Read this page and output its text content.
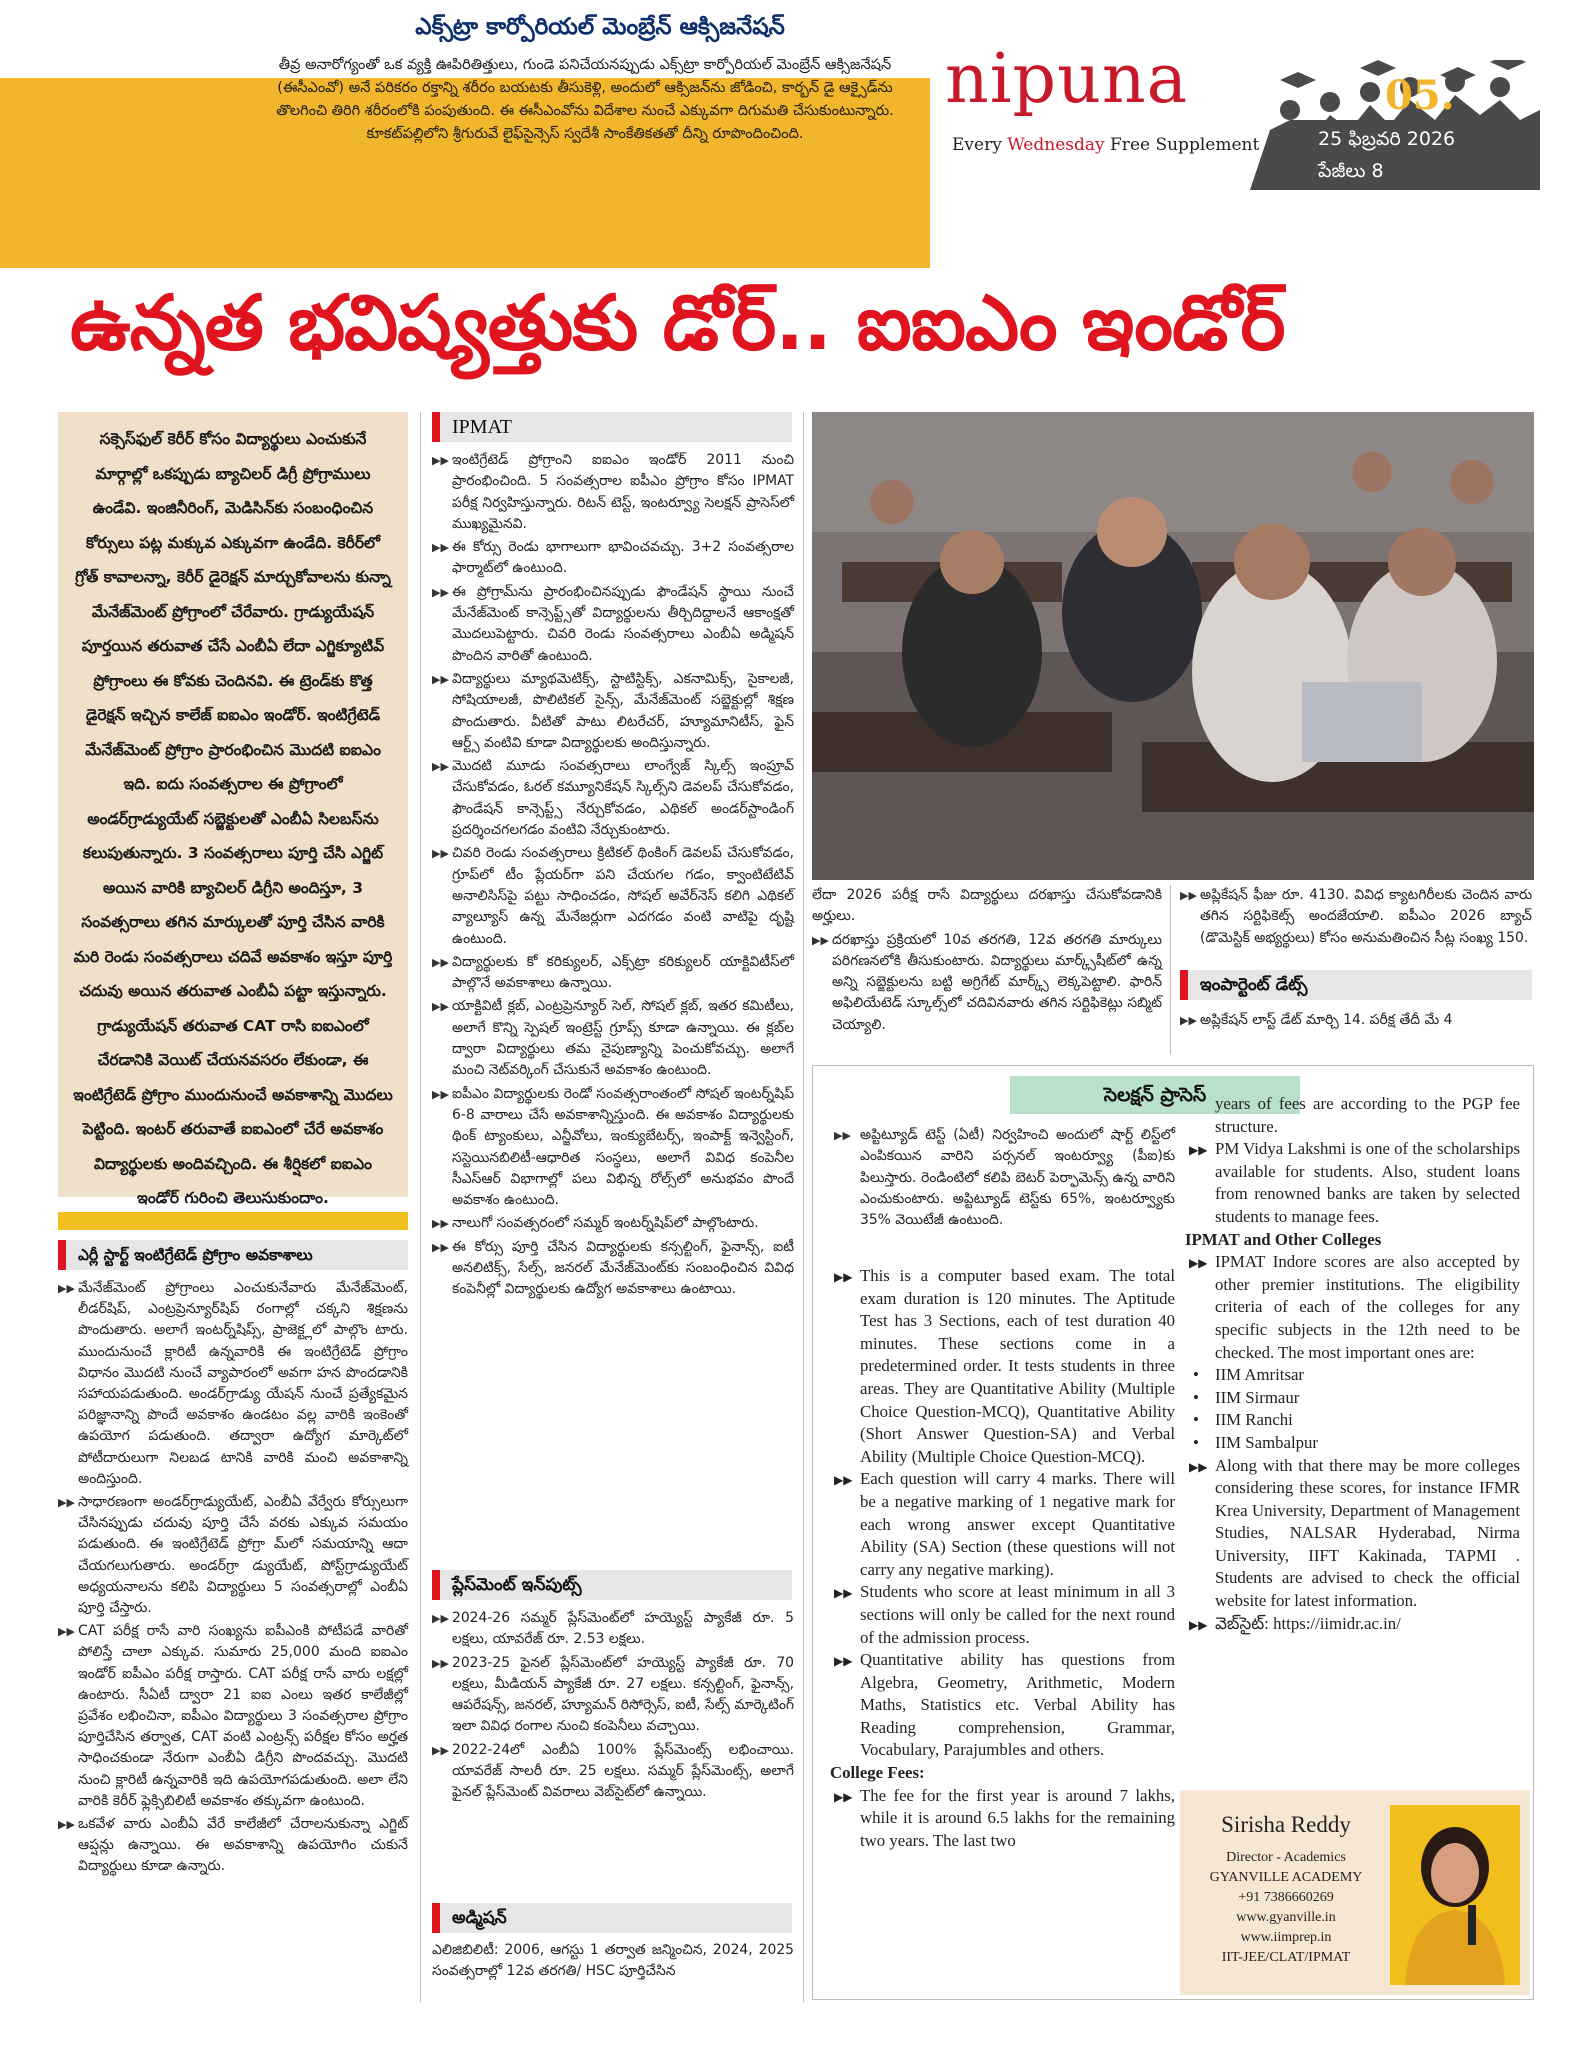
ఎక్స్‌ట్రా కార్పోరియల్ మెంబ్రేన్ ఆక్సిజనేషన్
తీవ్ర అనారోగ్యంతో ఒక వ్యక్తి ఊపిరితిత్తులు, గుండె పనిచేయనప్పుడు ఎక్స్‌ట్రా కార్పోరియల్ మెంబ్రేన్ ఆక్సిజనేషన్ (ఈసీఎంవో) అనే పరికరం రక్తాన్ని శరీరం బయటకు తీసుకెళ్లి, అందులో ఆక్సిజన్‌ను జోడించి, కార్బన్ డై ఆక్సైడ్‌ను తొలగించి తిరిగి శరీరంలోకి పంపుతుంది. ఈ ఈసీఎంవోను విదేశాల నుంచే ఎక్కువగా దిగుమతి చేసుకుంటున్నారు. కూకట్‌పల్లిలోని శ్రీగురువే లైఫ్‌సైన్సెస్ స్వదేశీ సాంకేతికతతో దీన్ని రూపొందించింది.
nipuna
Every Wednesday Free Supplement
05.
25 ఫిబ్రవరి 2026
పేజీలు 8
ఉన్నత భవిష్యత్తుకు డోర్.. ఐఐఎం ఇండోర్
సక్సెస్‌ఫుల్ కెరీర్ కోసం విద్యార్థులు ఎంచుకునే మార్గాల్లో ఒకప్పుడు బ్యాచిలర్ డిగ్రీ ప్రోగ్రాములు ఉండేవి. ఇంజినీరింగ్, మెడిసిన్‌కు సంబంధించిన కోర్సులు పట్ల మక్కువ ఎక్కువగా ఉండేది. కెరీర్‌లో గ్రోత్ కావాలన్నా, కెరీర్ డైరెక్షన్ మార్చుకోవాలను కున్నా మేనేజ్‌మెంట్ ప్రోగ్రాంలో చేరేవారు. గ్రాడ్యుయేషన్ పూర్తయిన తరువాత చేసే ఎంబీఏ లేదా ఎగ్జిక్యూటివ్ ప్రోగ్రాంలు ఈ కోవకు చెందినవి. ఈ ట్రెండ్‌కు కొత్త డైరెక్షన్ ఇచ్చిన కాలేజ్ ఐఐఎం ఇండోర్. ఇంటిగ్రేటెడ్ మేనేజ్‌మెంట్ ప్రోగ్రాం ప్రారంభించిన మొదటి ఐఐఎం ఇది. ఐదు సంవత్సరాల ఈ ప్రోగ్రాంలో అండర్‌గ్రాడ్యుయేట్ సబ్జెక్టులతో ఎంబీఏ సిలబస్‌ను కలుపుతున్నారు. 3 సంవత్సరాలు పూర్తి చేసి ఎగ్జిట్ అయిన వారికి బ్యాచిలర్ డిగ్రీని అందిస్తూ, 3 సంవత్సరాలు తగిన మార్కులతో పూర్తి చేసిన వారికి మరి రెండు సంవత్సరాలు చదివే అవకాశం ఇస్తూ పూర్తి చదువు అయిన తరువాత ఎంబీఏ పట్టా ఇస్తున్నారు. గ్రాడ్యుయేషన్ తరువాత CAT రాసి ఐఐఎంలో చేరడానికి వెయిట్ చేయనవసరం లేకుండా, ఈ ఇంటిగ్రేటెడ్ ప్రోగ్రాం ముందునుంచే అవకాశాన్ని మొదలు పెట్టింది. ఇంటర్ తరువాతే ఐఐఎంలో చేరే అవకాశం విద్యార్థులకు అందివచ్చింది. ఈ శీర్షికలో ఐఐఎం ఇండోర్ గురించి తెలుసుకుందాం.
ఎర్లీ స్టార్ట్ ఇంటిగ్రేటెడ్ ప్రోగ్రాం అవకాశాలు

▶▶ మేనేజ్‌మెంట్ ప్రోగ్రాంలు ఎంచుకునేవారు మేనేజ్‌మెంట్, లీడర్‌షిప్, ఎంట్రప్రెన్యూర్‌షిప్ రంగాల్లో చక్కని శిక్షణను పొందుతారు. అలాగే ఇంటర్న్‌షిప్స్, ప్రాజెక్ట్లలో పాల్గొం టారు. ముందునుంచే క్లారిటీ ఉన్నవారికి ఈ ఇంటిగ్రేటెడ్ ప్రోగ్రాం విధానం మొదటి నుంచే వ్యాపారంలో అవగా హన పొందడానికి సహాయపడుతుంది. అండర్‌గ్రాడ్యు యేషన్ నుంచే ప్రత్యేకమైన పరిజ్ఞానాన్ని పొందే అవకాశం ఉండటం వల్ల వారికి ఇంకెంతో ఉపయోగ పడుతుంది. తద్వారా ఉద్యోగ మార్కెట్‌లో పోటీదారులుగా నిలబడ టానికి వారికి మంచి అవకాశాన్ని అందిస్తుంది.

▶▶ సాధారణంగా అండర్‌గ్రాడ్యుయేట్, ఎంబీఏ వేర్వేరు కోర్సులుగా చేసినప్పుడు చదువు పూర్తి చేసే వరకు ఎక్కువ సమయం పడుతుంది. ఈ ఇంటిగ్రేటెడ్ ప్రోగ్రా మ్‌లో సమయాన్ని ఆదా చేయగలుగుతారు. అండర్‌గ్రా డ్యుయేట్, పోస్ట్‌గ్రాడ్యుయేట్ అధ్యయనాలను కలిపి విద్యార్థులు 5 సంవత్సరాల్లో ఎంబీఏ పూర్తి చేస్తారు.

▶▶ CAT పరీక్ష రాసే వారి సంఖ్యను ఐపీఎంకి పోటీపడే వారితో పోలిస్తే చాలా ఎక్కువ. సుమారు 25,000 మంది ఐఐఎం ఇండోర్ ఐపీఎం పరీక్ష రాస్తారు. CAT పరీక్ష రాసే వారు లక్షల్లో ఉంటారు. సీఏటీ ద్వారా 21 ఐఐ ఎంలు ఇతర కాలేజీల్లో ప్రవేశం లభించినా, ఐపీఎం విద్యార్థులు 3 సంవత్సరాల ప్రోగ్రాం పూర్తిచేసిన తర్వాత, CAT వంటి ఎంట్రన్స్ పరీక్షల కోసం అర్హత సాధించకుండా నేరుగా ఎంబీఏ డిగ్రీని పొందవచ్చు. మొదటి నుంచి క్లారిటీ ఉన్నవారికి ఇది ఉపయోగపడుతుంది. అలా లేని వారికి కెరీర్ ఫ్లెక్సిబిలిటీ అవకాశం తక్కువగా ఉంటుంది.

▶▶ ఒకవేళ వారు ఎంబీఏ వేరే కాలేజీలో చేరాలనుకున్నా ఎగ్జిట్ ఆప్షన్లు ఉన్నాయి. ఈ అవకాశాన్ని ఉపయోగిం చుకునే విద్యార్థులు కూడా ఉన్నారు.

IPMAT

▶▶ ఇంటిగ్రేటెడ్ ప్రోగ్రాంని ఐఐఎం ఇండోర్ 2011 నుంచి ప్రారంభించింది. 5 సంవత్సరాల ఐపీఎం ప్రోగ్రాం కోసం IPMAT పరీక్ష నిర్వహిస్తున్నారు. రిటన్ టెస్ట్, ఇంటర్వ్యూ సెలక్షన్ ప్రాసెస్‌లో ముఖ్యమైనవి.

▶▶ ఈ కోర్సు రెండు భాగాలుగా భావించవచ్చు. 3+2 సంవత్సరాల ఫార్మాట్‌లో ఉంటుంది.

▶▶ ఈ ప్రోగ్రామ్‌ను ప్రారంభించినప్పుడు ఫౌండేషన్ స్థాయి నుంచే మేనేజ్‌మెంట్ కాన్సెప్ట్స్‌తో విద్యార్థులను తీర్చిదిద్దాలనే ఆకాంక్షతో మొదలుపెట్టారు. చివరి రెండు సంవత్సరాలు ఎంబీఏ అడ్మిషన్ పొందిన వారితో ఉంటుంది.

▶▶ విద్యార్థులు మ్యాథమెటిక్స్, స్టాటిస్టిక్స్, ఎకనామిక్స్, సైకాలజీ, సోషియాలజీ, పొలిటికల్ సైన్స్, మేనేజ్‌మెంట్ సబ్జెక్టుల్లో శిక్షణ పొందుతారు. వీటితో పాటు లిటరేచర్, హ్యూమానిటీస్, ఫైన్ ఆర్ట్స్ వంటివి కూడా విద్యార్థులకు అందిస్తున్నారు.

▶▶ మొదటి మూడు సంవత్సరాలు లాంగ్వేజ్ స్కిల్స్ ఇంప్రూవ్ చేసుకోవడం, ఓరల్ కమ్యూనికేషన్ స్కిల్స్‌ని డెవలప్ చేసుకోవడం, ఫౌండేషన్ కాన్సెప్ట్స్ నేర్చుకోవడం, ఎథికల్ అండర్‌స్టాండింగ్ ప్రదర్శించగలగడం వంటివి నేర్చుకుంటారు.

▶▶ చివరి రెండు సంవత్సరాలు క్రిటికల్ థింకింగ్ డెవలప్ చేసుకోవడం, గ్రూప్‌లో టీం ప్లేయర్‌గా పని చేయగల గడం, క్వాంటిటేటివ్ అనాలిసిస్‌పై పట్టు సాధించడం, సోషల్ అవేర్‌నెస్ కలిగి ఎథికల్ వ్యాల్యూస్ ఉన్న మేనేజర్లుగా ఎదగడం వంటి వాటిపై దృష్టి ఉంటుంది.

▶▶ విద్యార్థులకు కో కరిక్యులర్, ఎక్స్‌ట్రా కరిక్యులర్ యాక్టివిటీస్‌లో పాల్గొనే అవకాశాలు ఉన్నాయి.

▶▶ యాక్టివిటీ క్లబ్, ఎంట్రప్రెన్యూర్ సెల్, సోషల్ క్లబ్, ఇతర కమిటీలు, అలాగే కొన్ని స్పెషల్ ఇంట్రెస్ట్ గ్రూప్స్ కూడా ఉన్నాయి. ఈ క్లబ్‌ల ద్వారా విద్యార్థులు తమ నైపుణ్యాన్ని పెంచుకోవచ్చు. అలాగే మంచి నెట్‌వర్కింగ్ చేసుకునే అవకాశం ఉంటుంది.

▶▶ ఐపీఎం విద్యార్థులకు రెండో సంవత్సరాంతంలో సోషల్ ఇంటర్న్‌షిప్ 6-8 వారాలు చేసే అవకాశాన్నిస్తుంది. ఈ అవకాశం విద్యార్థులకు థింక్ ట్యాంకులు, ఎన్జీవోలు, ఇంక్యుబేటర్స్, ఇంపాక్ట్ ఇన్వెస్టింగ్, సస్టెయినబిలిటీ-ఆధారిత సంస్థలు, అలాగే వివిధ కంపెనీల సీఎస్ఆర్ విభాగాల్లో పలు విభిన్న రోల్స్‌లో అనుభవం పొందే అవకాశం ఉంటుంది.

▶▶ నాలుగో సంవత్సరంలో సమ్మర్ ఇంటర్న్‌షిప్‌లో పాల్గొంటారు.

▶▶ ఈ కోర్సు పూర్తి చేసిన విద్యార్థులకు కన్సల్టింగ్, ఫైనాన్స్, ఐటీ అనలిటిక్స్, సేల్స్, జనరల్ మేనేజ్‌మెంట్‌కు సంబంధించిన వివిధ కంపెనీల్లో విద్యార్థులకు ఉద్యోగ అవకాశాలు ఉంటాయి.

ప్లేస్‌మెంట్ ఇన్‌పుట్స్

▶▶ 2024-26 సమ్మర్ ప్లేస్‌మెంట్‌లో హయ్యెస్ట్ ప్యాకేజీ రూ. 5 లక్షలు, యావరేజ్ రూ. 2.53 లక్షలు.

▶▶ 2023-25 ఫైనల్ ప్లేస్‌మెంట్‌లో హయ్యెస్ట్ ప్యాకేజీ రూ. 70 లక్షలు, మీడియన్ ప్యాకేజీ రూ. 27 లక్షలు. కన్సల్టింగ్, ఫైనాన్స్, ఆపరేషన్స్, జనరల్, హ్యూమన్ రిసోర్సెస్, ఐటీ, సేల్స్ మార్కెటింగ్ ఇలా వివిధ రంగాల నుంచి కంపెనీలు వచ్చాయి.

▶▶ 2022-24లో ఎంబీఏ 100% ప్లేస్‌మెంట్స్ లభించాయి. యావరేజ్ సాలరీ రూ. 25 లక్షలు. సమ్మర్ ప్లేస్‌మెంట్స్, అలాగే ఫైనల్ ప్లేస్‌మెంట్ వివరాలు వెబ్‌సైట్‌లో ఉన్నాయి.

అడ్మిషన్

ఎలిజిబిలిటీ: 2006, ఆగస్టు 1 తర్వాత జన్మించిన, 2024, 2025 సంవత్సరాల్లో 12వ తరగతి/ HSC పూర్తిచేసిన

లేదా 2026 పరీక్ష రాసే విద్యార్థులు దరఖాస్తు చేసుకోవడానికి అర్హులు.

▶▶ దరఖాస్తు ప్రక్రియలో 10వ తరగతి, 12వ తరగతి మార్కులు పరిగణనలోకి తీసుకుంటారు. విద్యార్థులు మార్క్స్‌షీట్‌లో ఉన్న అన్ని సబ్జెక్టులను బట్టి అగ్రిగేట్ మార్క్స్ లెక్కపెట్టాలి. ఫారిన్ అఫిలియేటెడ్ స్కూల్స్‌లో చదివినవారు తగిన సర్టిఫికెట్లు సబ్మిట్ చెయ్యాలి.

▶▶ అప్లికేషన్ ఫీజు రూ. 4130. వివిధ క్యాటగిరీలకు చెందిన వారు తగిన సర్టిఫికెట్స్ అందజేయాలి. ఐపీఎం 2026 బ్యాచ్ (డొమెస్టిక్ అభ్యర్థులు) కోసం అనుమతించిన సీట్ల సంఖ్య 150.

ఇంపార్టెంట్ డేట్స్

▶▶ అప్లికేషన్ లాస్ట్ డేట్ మార్చి 14. పరీక్ష తేదీ మే 4

సెలక్షన్ ప్రాసెస్

▶▶ అప్టిట్యూడ్ టెస్ట్ (ఏటీ) నిర్వహించి అందులో షార్ట్ లిస్ట్‌లో ఎంపికయిన వారిని పర్సనల్ ఇంటర్వ్యూ (పీఐ)కు పిలుస్తారు. రెండింటిలో కలిపి బెటర్ పెర్ఫామెన్స్ ఉన్న వారిని ఎంచుకుంటారు. అప్టిట్యూడ్ టెస్ట్‌కు 65%, ఇంటర్వ్యూకు 35% వెయిటేజీ ఉంటుంది.

▶▶ This is a computer based exam. The total exam duration is 120 minutes. The Aptitude Test has 3 Sections, each of test duration 40 minutes. These sections come in a predetermined order. It tests students in three areas. They are Quantitative Ability (Multiple Choice Question-MCQ), Quantitative Ability (Short Answer Question-SA) and Verbal Ability (Multiple Choice Question-MCQ).

▶▶ Each question will carry 4 marks. There will be a negative marking of 1 negative mark for each wrong answer except Quantitative Ability (SA) Section (these questions will not carry any negative marking).

▶▶ Students who score at least minimum in all 3 sections will only be called for the next round of the admission process.

▶▶ Quantitative ability has questions from Algebra, Geometry, Arithmetic, Modern Maths, Statistics etc. Verbal Ability has Reading comprehension, Grammar, Vocabulary, Parajumbles and others.

College Fees:

▶▶ The fee for the first year is around 7 lakhs, while it is around 6.5 lakhs for the remaining two years. The last two

years of fees are according to the PGP fee structure.

▶▶ PM Vidya Lakshmi is one of the scholarships available for students. Also, student loans from renowned banks are taken by selected students to manage fees.

IPMAT and Other Colleges

▶▶ IPMAT Indore scores are also accepted by other premier institutions. The eligibility criteria of each of the colleges for any specific subjects in the 12th need to be checked. The most important ones are:

• IIM Amritsar
• IIM Sirmaur
• IIM Ranchi
• IIM Sambalpur

▶▶ Along with that there may be more colleges considering these scores, for instance IFMR Krea University, Department of Management Studies, NALSAR Hyderabad, Nirma University, IIFT Kakinada, TAPMI . Students are advised to check the official website for latest information.

▶▶ వెబ్‌సైట్: https://iimidr.ac.in/

Sirisha Reddy
Director - Academics
GYANVILLE ACADEMY
+91 7386660269
www.gyanville.in
www.iimprep.in
IIT-JEE/CLAT/IPMAT
